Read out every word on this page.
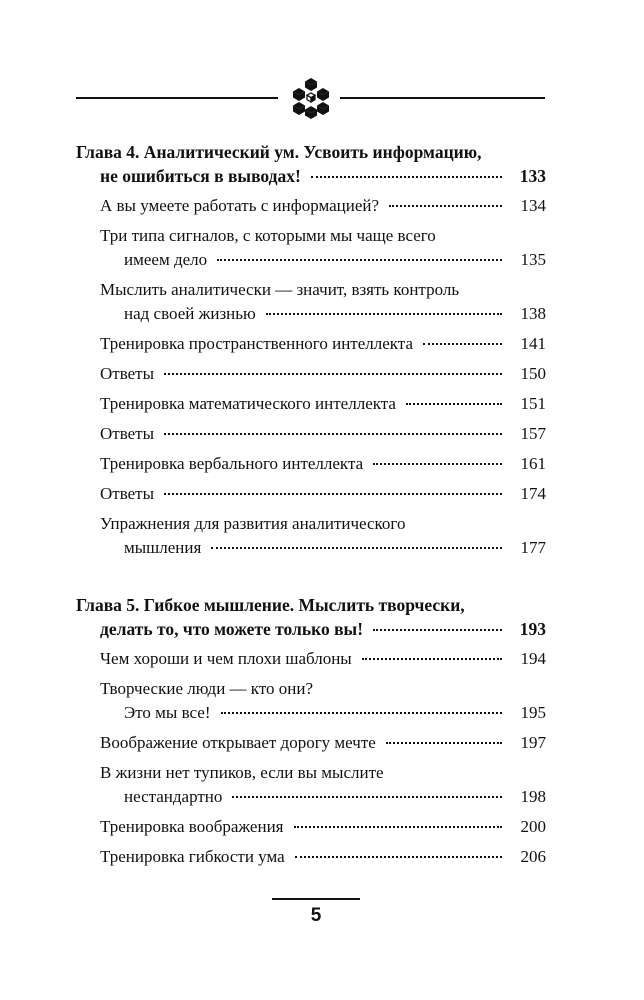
Глава 4. Аналитический ум. Усвоить информацию,
не ошибиться в выводах!	133
А вы умеете работать с информацией?	134
Три типа сигналов, с которыми мы чаще всего
имеем дело	135
Мыслить аналитически — значит, взять контроль
над своей жизнью	138
Тренировка пространственного интеллекта	141
Ответы	150
Тренировка математического интеллекта	151
Ответы	157
Тренировка вербального интеллекта	161
Ответы	174
Упражнения для развития аналитического
мышления	177
Глава 5. Гибкое мышление. Мыслить творчески,
делать то, что можете только вы!	193
Чем хороши и чем плохи шаблоны	194
Творческие люди — кто они?
Это мы все!	195
Воображение открывает дорогу мечте	197
В жизни нет тупиков, если вы мыслите
нестандартно	198
Тренировка воображения	200
Тренировка гибкости ума	206
5
